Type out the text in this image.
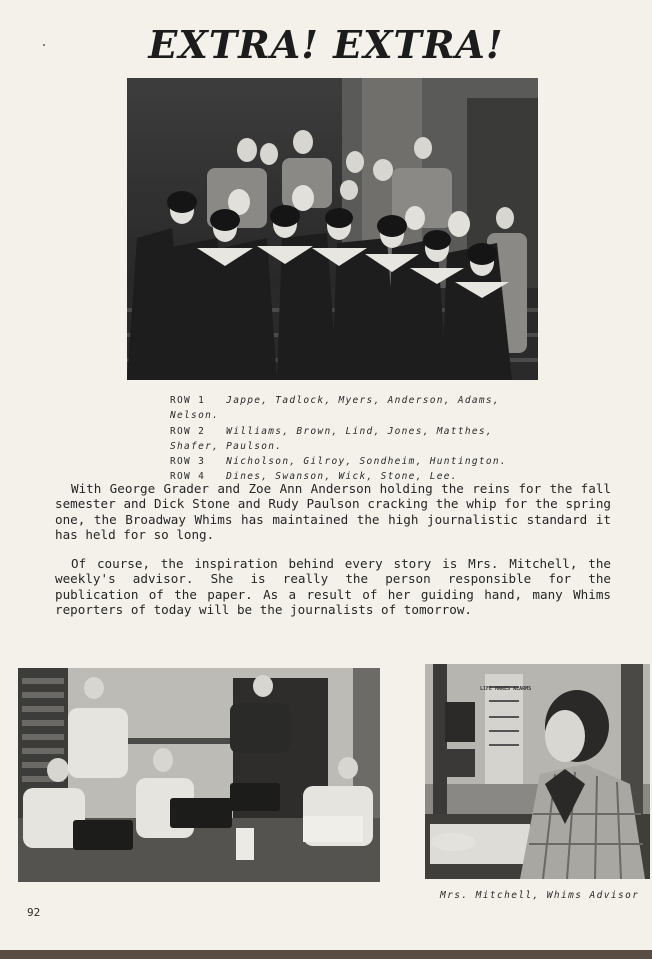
EXTRA! EXTRA!
ROW 1 Jappe, Tadlock, Myers, Anderson, Adams,
Nelson.
ROW 2 Williams, Brown, Lind, Jones, Matthes,
Shafer, Paulson.
ROW 3 Nicholson, Gilroy, Sondheim, Huntington.
ROW 4 Dines, Swanson, Wick, Stone, Lee.

With George Grader and Zoe Ann Anderson holding the reins for the fall semester and Dick Stone and Rudy Paulson cracking the whip for the spring one, the Broadway Whims has maintained the high journalistic standard it has held for so long.

Of course, the inspiration behind every story is Mrs. Mitchell, the weekly's advisor. She is really the person responsible for the publication of the paper. As a result of her guiding hand, many Whims reporters of today will be the journalists of tomorrow.

LIFE MAKES ALARMS
Mrs. Mitchell, Whims Advisor
92
